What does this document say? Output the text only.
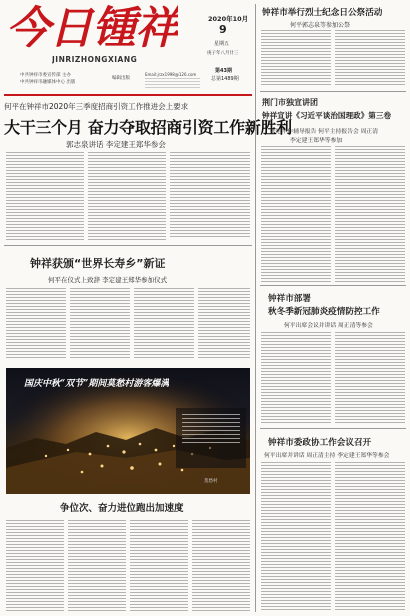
今日锺祥
JINRIZHONGXIANG
中共钟祥市委宣传部 主办
中共钟祥市融媒体中心 出版
编辑出版
Email:jrzx1998@126.com
2020年10月
9
星期五
庚子年八月廿三
第43期
总第1489期
何平在钟祥市2020年三季度招商引资工作推进会上要求
大干三个月 奋力夺取招商引资工作新胜利
郭志泉讲话 李定建王郑华参会
钟祥获颁“世界长寿乡”新证
何平在仪式上致辞 李定建王郑华参加仪式
国庆中秋“双节”期间莫愁村游客爆满
莫愁村
争位次、奋力进位跑出加速度
钟祥市举行烈士纪念日公祭活动
何平郭志泉等参加公祭
荆门市独宣讲团
钟祥宣讲《习近平谈治国理政》第三卷
张旭平作辅导报告 何平主持报告会 周正清
李定建王郑华等参加
钟祥市部署
秋冬季新冠肺炎疫情防控工作
何平出席会议并讲话 周正清等参会
钟祥市委政协工作会议召开
何平出席并讲话 周正清主持 李定建王郑华等参会
